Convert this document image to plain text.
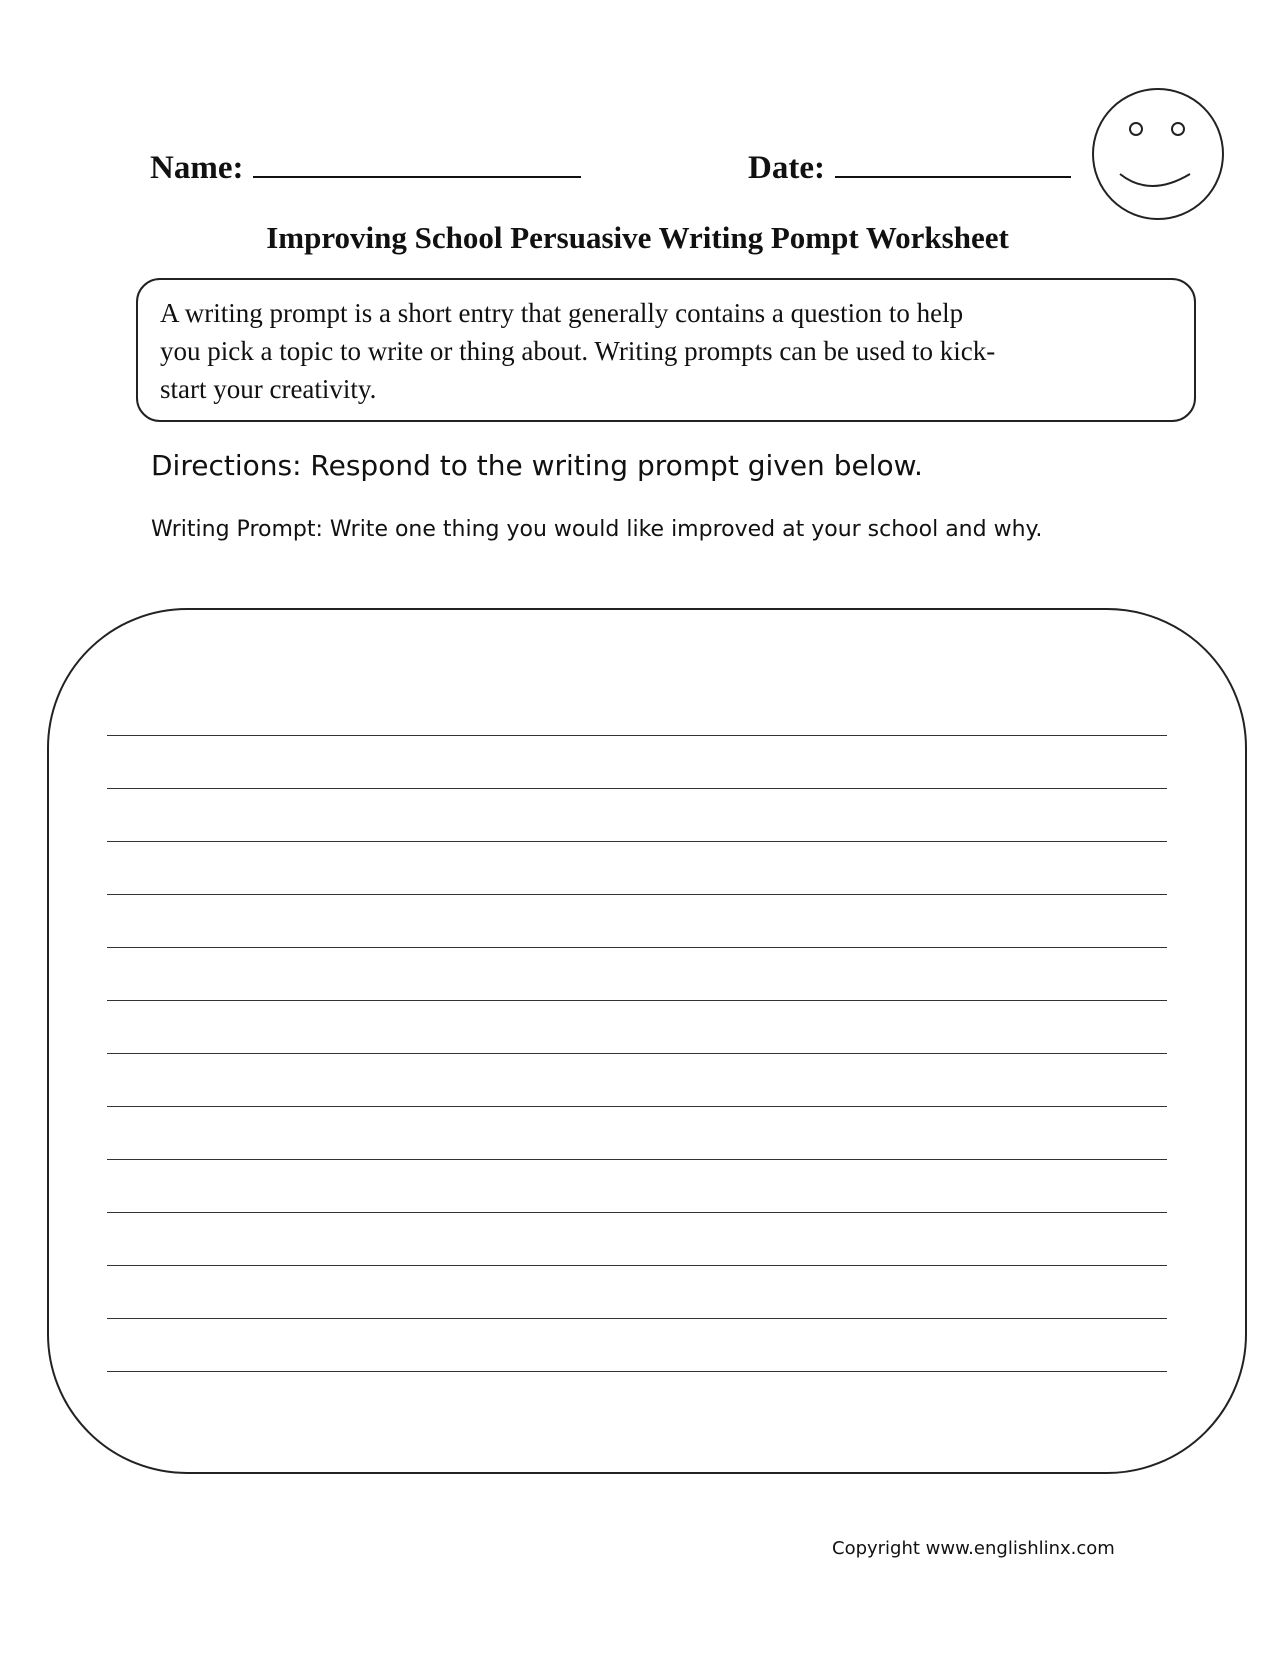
Name:	Date:
Improving School Persuasive Writing Pompt Worksheet
A writing prompt is a short entry that generally contains a question to help
you pick a topic to write or thing about. Writing prompts can be used to kick-
start your creativity.
Directions: Respond to the writing prompt given below.
Writing Prompt: Write one thing you would like improved at your school and why.
Copyright www.englishlinx.com
